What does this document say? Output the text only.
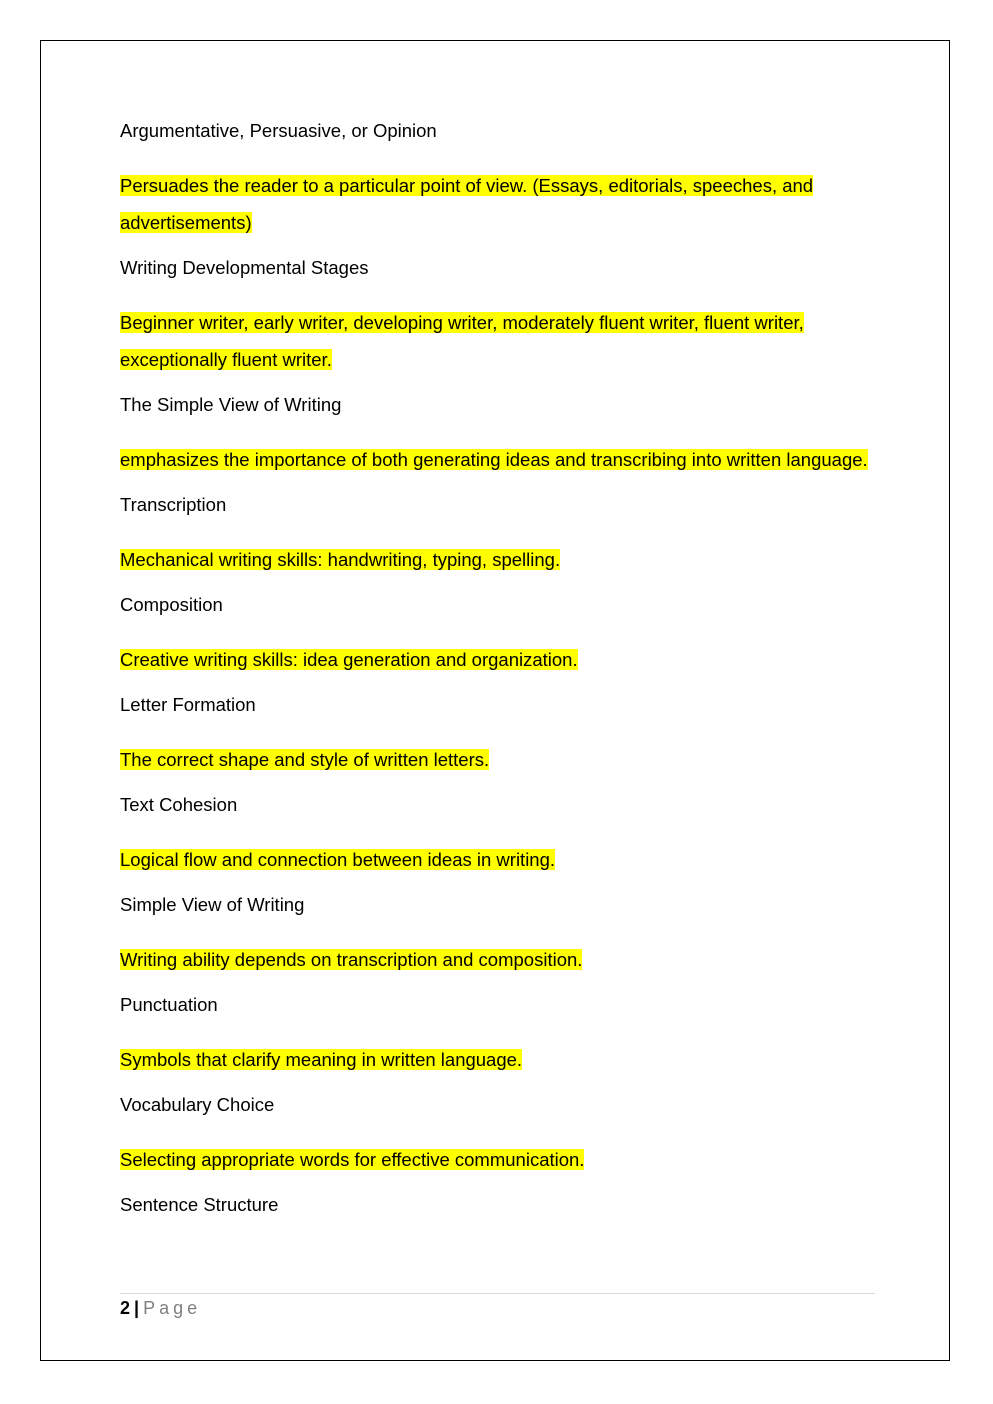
Argumentative, Persuasive, or Opinion

Persuades the reader to a particular point of view. (Essays, editorials, speeches, and advertisements)

Writing Developmental Stages

Beginner writer, early writer, developing writer, moderately fluent writer, fluent writer, exceptionally fluent writer.

The Simple View of Writing

emphasizes the importance of both generating ideas and transcribing into written language.

Transcription

Mechanical writing skills: handwriting, typing, spelling.

Composition

Creative writing skills: idea generation and organization.

Letter Formation

The correct shape and style of written letters.

Text Cohesion

Logical flow and connection between ideas in writing.

Simple View of Writing

Writing ability depends on transcription and composition.

Punctuation

Symbols that clarify meaning in written language.

Vocabulary Choice

Selecting appropriate words for effective communication.

Sentence Structure

2 | Page
